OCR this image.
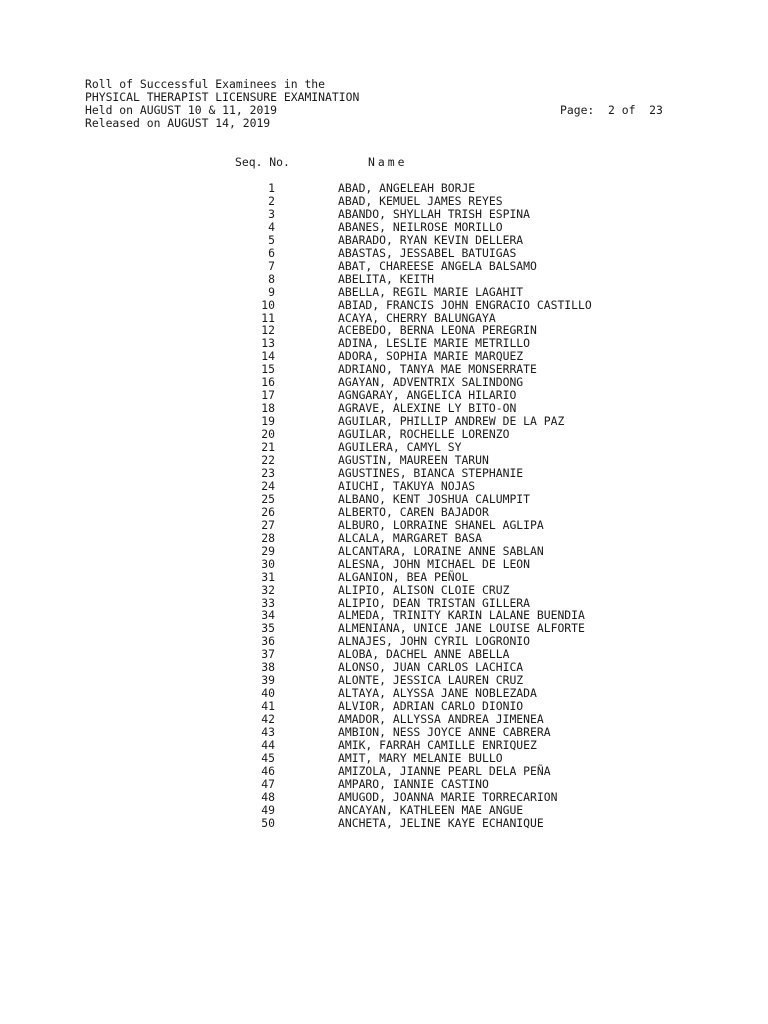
Roll of Successful Examinees in the
PHYSICAL THERAPIST LICENSURE EXAMINATION
Held on AUGUST 10 & 11, 2019
Released on AUGUST 14, 2019
Page:  2 of  23
Seq. No.	Name
1	ABAD, ANGELEAH BORJE
2	ABAD, KEMUEL JAMES REYES
3	ABANDO, SHYLLAH TRISH ESPINA
4	ABANES, NEILROSE MORILLO
5	ABARADO, RYAN KEVIN DELLERA
6	ABASTAS, JESSABEL BATUIGAS
7	ABAT, CHAREESE ANGELA BALSAMO
8	ABELITA, KEITH
9	ABELLA, REGIL MARIE LAGAHIT
10	ABIAD, FRANCIS JOHN ENGRACIO CASTILLO
11	ACAYA, CHERRY BALUNGAYA
12	ACEBEDO, BERNA LEONA PEREGRIN
13	ADINA, LESLIE MARIE METRILLO
14	ADORA, SOPHIA MARIE MARQUEZ
15	ADRIANO, TANYA MAE MONSERRATE
16	AGAYAN, ADVENTRIX SALINDONG
17	AGNGARAY, ANGELICA HILARIO
18	AGRAVE, ALEXINE LY BITO-ON
19	AGUILAR, PHILLIP ANDREW DE LA PAZ
20	AGUILAR, ROCHELLE LORENZO
21	AGUILERA, CAMYL SY
22	AGUSTIN, MAUREEN TARUN
23	AGUSTINES, BIANCA STEPHANIE
24	AIUCHI, TAKUYA NOJAS
25	ALBANO, KENT JOSHUA CALUMPIT
26	ALBERTO, CAREN BAJADOR
27	ALBURO, LORRAINE SHANEL AGLIPA
28	ALCALA, MARGARET BASA
29	ALCANTARA, LORAINE ANNE SABLAN
30	ALESNA, JOHN MICHAEL DE LEON
31	ALGANION, BEA PEÑOL
32	ALIPIO, ALISON CLOIE CRUZ
33	ALIPIO, DEAN TRISTAN GILLERA
34	ALMEDA, TRINITY KARIN LALANE BUENDIA
35	ALMENIANA, UNICE JANE LOUISE ALFORTE
36	ALNAJES, JOHN CYRIL LOGRONIO
37	ALOBA, DACHEL ANNE ABELLA
38	ALONSO, JUAN CARLOS LACHICA
39	ALONTE, JESSICA LAUREN CRUZ
40	ALTAYA, ALYSSA JANE NOBLEZADA
41	ALVIOR, ADRIAN CARLO DIONIO
42	AMADOR, ALLYSSA ANDREA JIMENEA
43	AMBION, NESS JOYCE ANNE CABRERA
44	AMIK, FARRAH CAMILLE ENRIQUEZ
45	AMIT, MARY MELANIE BULLO
46	AMIZOLA, JIANNE PEARL DELA PEÑA
47	AMPARO, IANNIE CASTINO
48	AMUGOD, JOANNA MARIE TORRECARION
49	ANCAYAN, KATHLEEN MAE ANGUE
50	ANCHETA, JELINE KAYE ECHANIQUE
